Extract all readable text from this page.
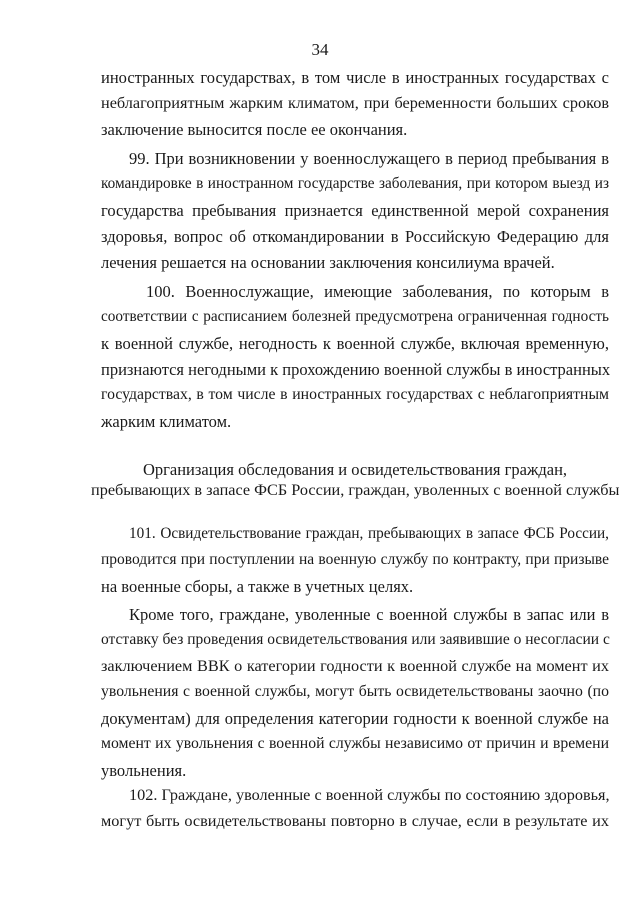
34
иностранных государствах, в том числе в иностранных государствах с
неблагоприятным жарким климатом, при беременности больших сроков
заключение выносится после ее окончания.
99. При возникновении у военнослужащего в период пребывания в
командировке в иностранном государстве заболевания, при котором выезд из
государства пребывания признается единственной мерой сохранения
здоровья, вопрос об откомандировании в Российскую Федерацию для
лечения решается на основании заключения консилиума врачей.
100. Военнослужащие, имеющие заболевания, по которым в
соответствии с расписанием болезней предусмотрена ограниченная годность
к военной службе, негодность к военной службе, включая временную,
признаются негодными к прохождению военной службы в иностранных
государствах, в том числе в иностранных государствах с неблагоприятным
жарким климатом.
Организация обследования и освидетельствования граждан,
пребывающих в запасе ФСБ России, граждан, уволенных с военной службы
101. Освидетельствование граждан, пребывающих в запасе ФСБ России,
проводится при поступлении на военную службу по контракту, при призыве
на военные сборы, а также в учетных целях.
Кроме того, граждане, уволенные с военной службы в запас или в
отставку без проведения освидетельствования или заявившие о несогласии с
заключением ВВК о категории годности к военной службе на момент их
увольнения с военной службы, могут быть освидетельствованы заочно (по
документам) для определения категории годности к военной службе на
момент их увольнения с военной службы независимо от причин и времени
увольнения.
102. Граждане, уволенные с военной службы по состоянию здоровья,
могут быть освидетельствованы повторно в случае, если в результате их
